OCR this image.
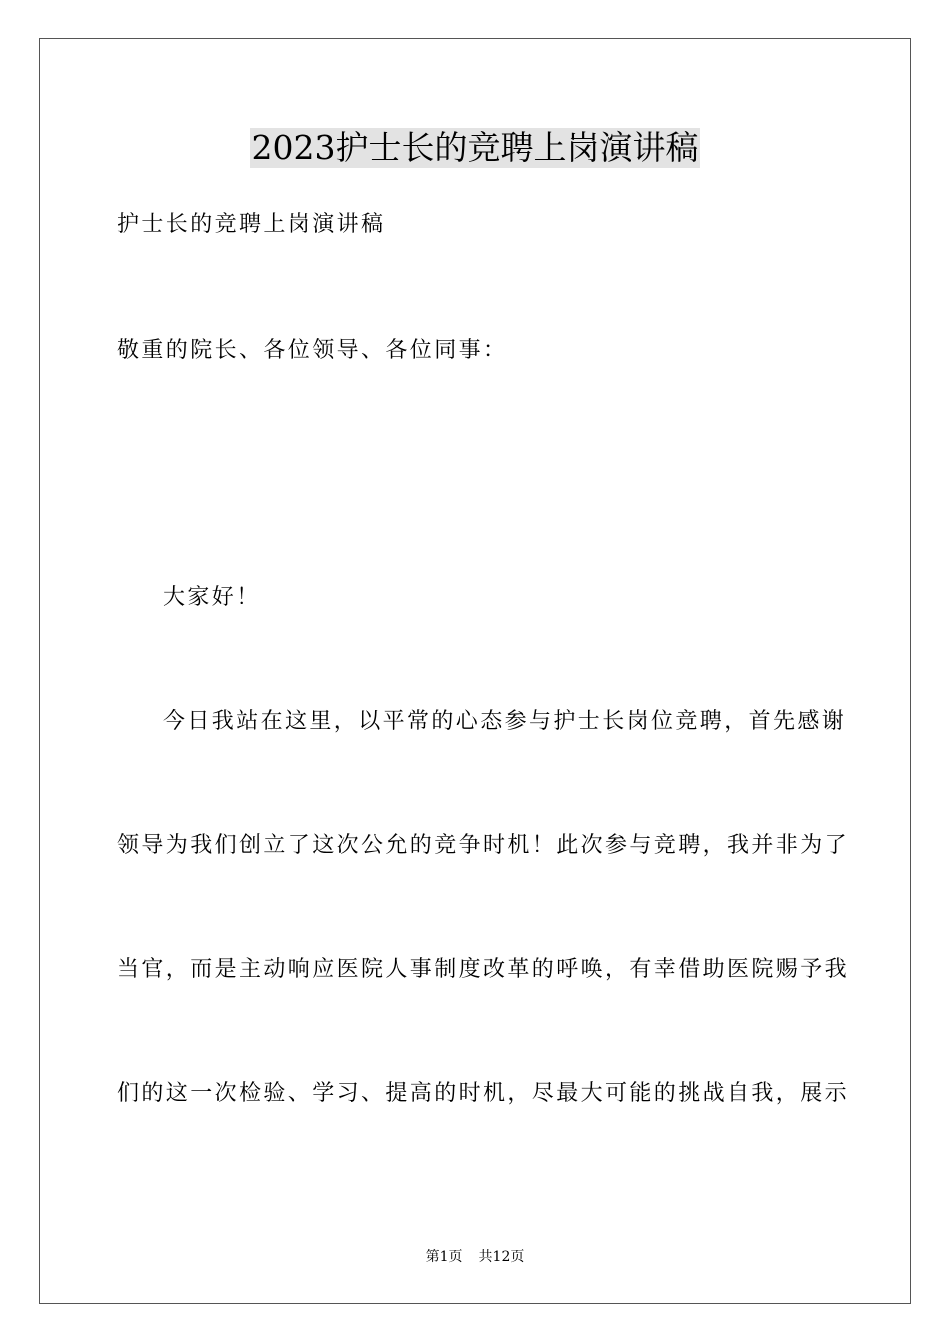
2023护士长的竞聘上岗演讲稿
护士长的竞聘上岗演讲稿
敬重的院长、各位领导、各位同事：
大家好！
今日我站在这里，以平常的心态参与护士长岗位竞聘，首先感谢
领导为我们创立了这次公允的竞争时机！此次参与竞聘，我并非为了
当官，而是主动响应医院人事制度改革的呼唤，有幸借助医院赐予我
们的这一次检验、学习、提高的时机，尽最大可能的挑战自我，展示
第1页 共12页
